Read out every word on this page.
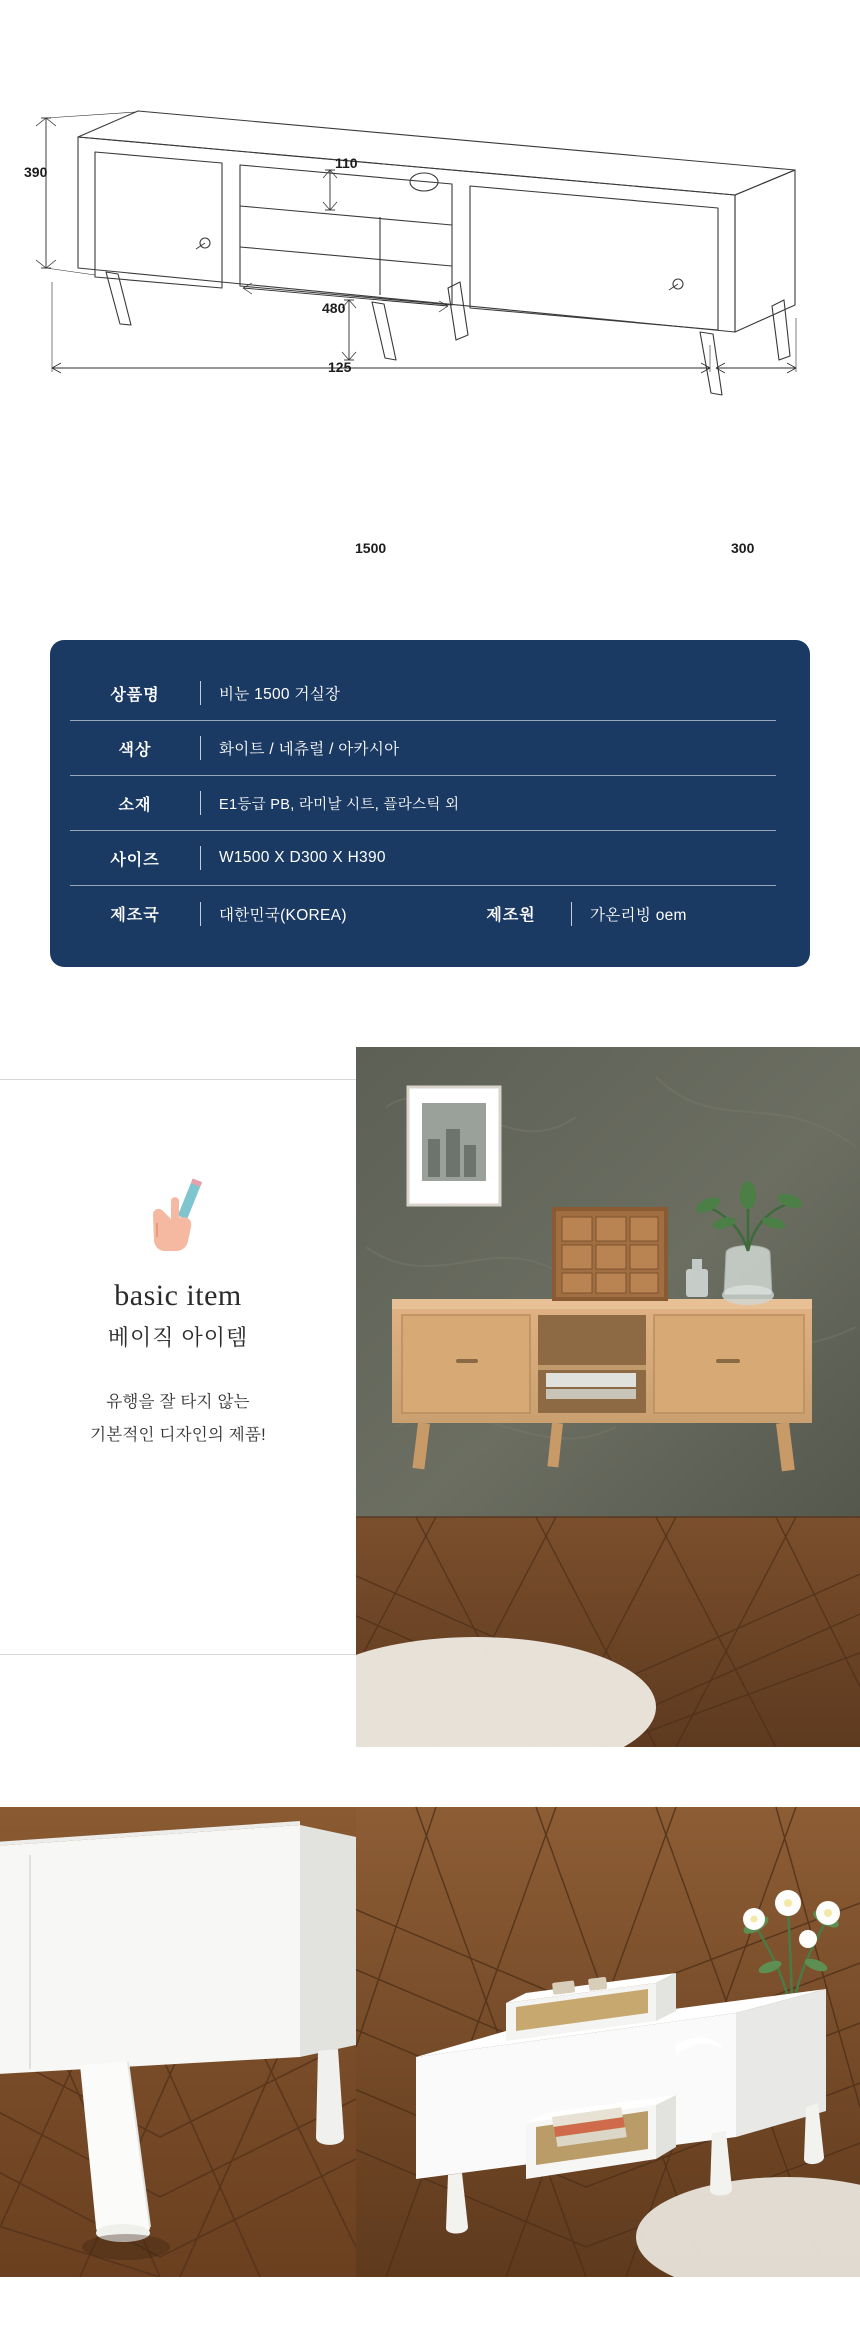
390
110
480
125
1500	300
상품명	비눈 1500 거실장
색상	화이트 / 네츄럴 / 아카시아
소재	E1등급 PB, 라미날 시트, 플라스틱 외
사이즈	W1500 X D300 X H390
제조국	대한민국(KOREA)	제조원	가온리빙 oem
basic item
베이직 아이템
유행을 잘 타지 않는
기본적인 디자인의 제품!
